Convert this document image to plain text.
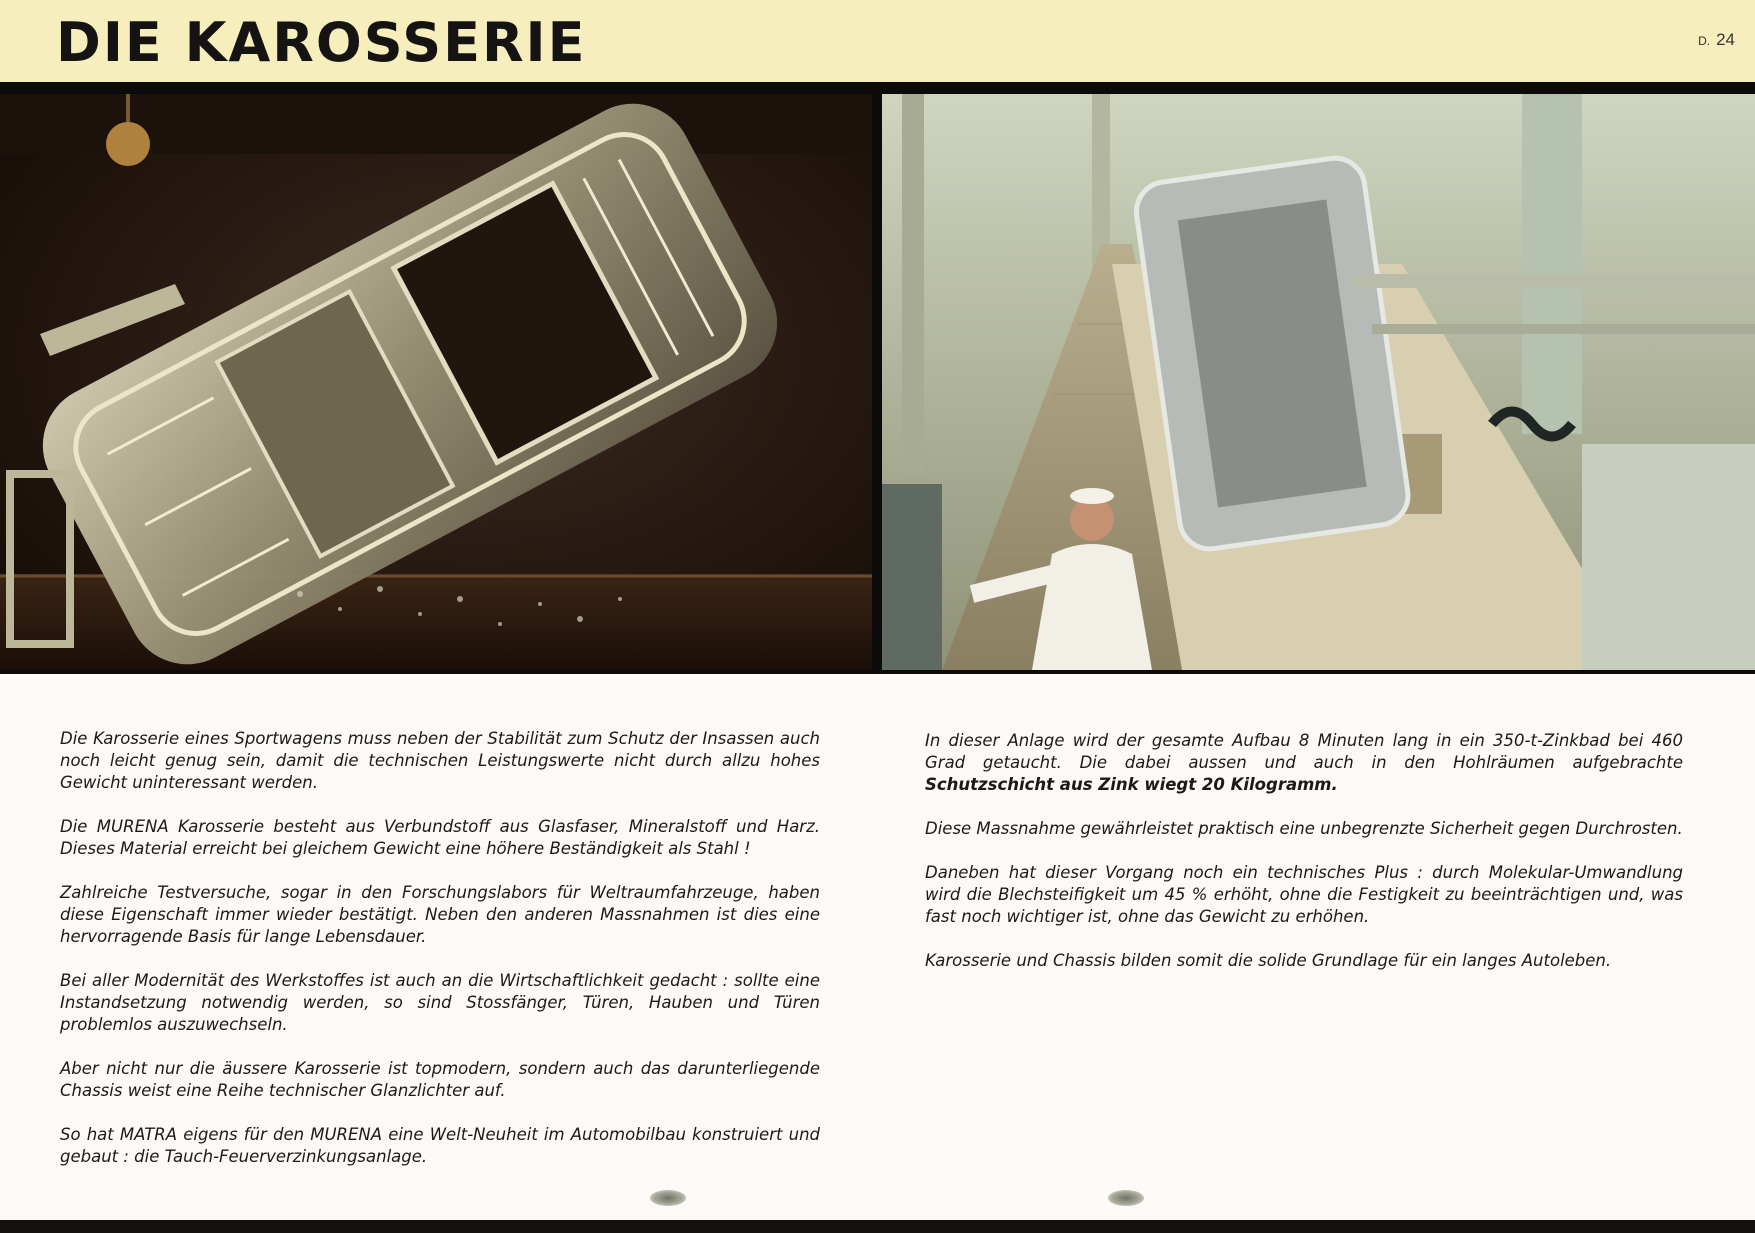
DIE KAROSSERIE	D. 24

Die Karosserie eines Sportwagens muss neben der Stabilität zum Schutz der Insassen auch noch leicht genug sein, damit die technischen Leistungswerte nicht durch allzu hohes Gewicht uninteressant werden.

Die MURENA Karosserie besteht aus Verbundstoff aus Glasfaser, Mineralstoff und Harz. Dieses Material erreicht bei gleichem Gewicht eine höhere Beständigkeit als Stahl !

Zahlreiche Testversuche, sogar in den Forschungslabors für Weltraumfahrzeuge, haben diese Eigenschaft immer wieder bestätigt. Neben den anderen Massnahmen ist dies eine hervorragende Basis für lange Lebensdauer.

Bei aller Modernität des Werkstoffes ist auch an die Wirtschaftlichkeit gedacht : sollte eine Instandsetzung notwendig werden, so sind Stossfänger, Türen, Hauben und Türen problemlos auszuwechseln.

Aber nicht nur die äussere Karosserie ist topmodern, sondern auch das darunterliegende Chassis weist eine Reihe technischer Glanzlichter auf.

So hat MATRA eigens für den MURENA eine Welt-Neuheit im Automobilbau konstruiert und gebaut : die Tauch-Feuerverzinkungsanlage.

In dieser Anlage wird der gesamte Aufbau 8 Minuten lang in ein 350-t-Zinkbad bei 460 Grad getaucht. Die dabei aussen und auch in den Hohlräumen aufgebrachte Schutzschicht aus Zink wiegt 20 Kilogramm.

Diese Massnahme gewährleistet praktisch eine unbegrenzte Sicherheit gegen Durchrosten.

Daneben hat dieser Vorgang noch ein technisches Plus : durch Molekular-Umwandlung wird die Blechsteifigkeit um 45 % erhöht, ohne die Festigkeit zu beeinträchtigen und, was fast noch wichtiger ist, ohne das Gewicht zu erhöhen.

Karosserie und Chassis bilden somit die solide Grundlage für ein langes Autoleben.
